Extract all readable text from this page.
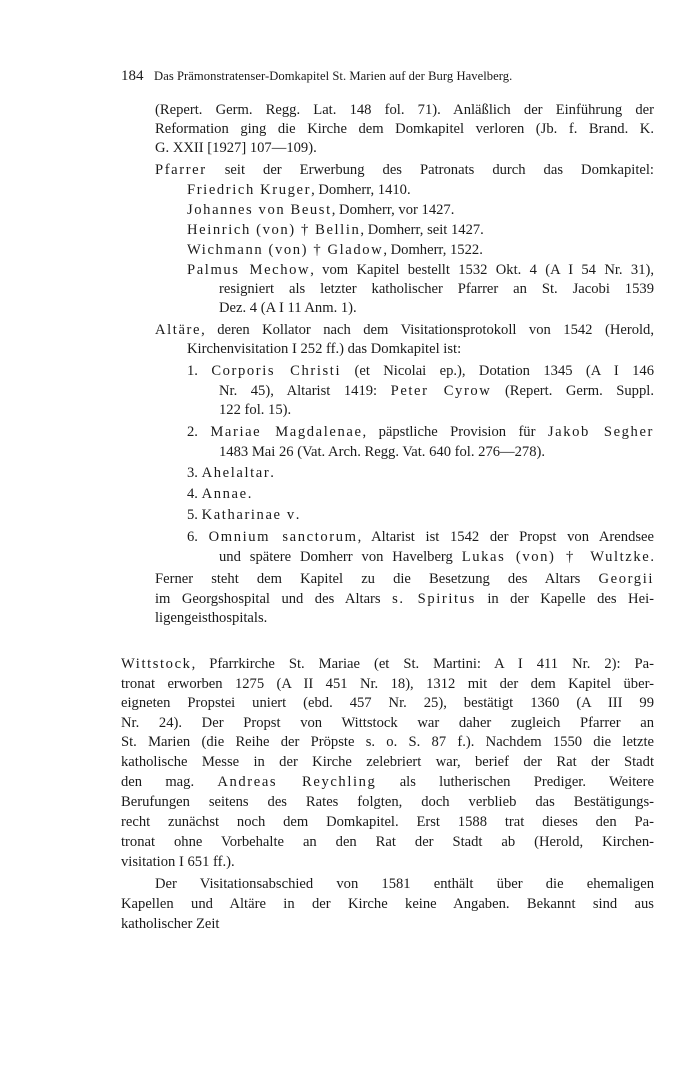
184 Das Prämonstratenser-Domkapitel St. Marien auf der Burg Havelberg.
(Repert. Germ. Regg. Lat. 148 fol. 71). Anläßlich der Einführung der
Reformation ging die Kirche dem Domkapitel verloren (Jb. f. Brand. K.
G. XXII [1927] 107—109).
Pfarrer seit der Erwerbung des Patronats durch das Domkapitel:
Friedrich Kruger, Domherr, 1410.
Johannes von Beust, Domherr, vor 1427.
Heinrich (von) † Bellin, Domherr, seit 1427.
Wichmann (von) † Gladow, Domherr, 1522.
Palmus Mechow, vom Kapitel bestellt 1532 Okt. 4 (A I 54 Nr. 31),
resigniert als letzter katholischer Pfarrer an St. Jacobi 1539
Dez. 4 (A I 11 Anm. 1).
Altäre, deren Kollator nach dem Visitationsprotokoll von 1542 (Herold,
Kirchenvisitation I 252 ff.) das Domkapitel ist:
1. Corporis Christi (et Nicolai ep.), Dotation 1345 (A I 146
Nr. 45), Altarist 1419: Peter Cyrow (Repert. Germ. Suppl.
122 fol. 15).
2. Mariae Magdalenae, päpstliche Provision für Jakob Segher
1483 Mai 26 (Vat. Arch. Regg. Vat. 640 fol. 276—278).
3. Ahelaltar.
4. Annae.
5. Katharinae v.
6. Omnium sanctorum, Altarist ist 1542 der Propst von Arendsee
und spätere Domherr von Havelberg Lukas (von) † Wultzke.
Ferner steht dem Kapitel zu die Besetzung des Altars Georgii
im Georgshospital und des Altars s. Spiritus in der Kapelle des Hei-
ligengeisthospitals.
Wittstock, Pfarrkirche St. Mariae (et St. Martini: A I 411 Nr. 2): Pa-
tronat erworben 1275 (A II 451 Nr. 18), 1312 mit der dem Kapitel über-
eigneten Propstei uniert (ebd. 457 Nr. 25), bestätigt 1360 (A III 99
Nr. 24). Der Propst von Wittstock war daher zugleich Pfarrer an
St. Marien (die Reihe der Pröpste s. o. S. 87 f.). Nachdem 1550 die letzte
katholische Messe in der Kirche zelebriert war, berief der Rat der Stadt
den mag. Andreas Reychling als lutherischen Prediger. Weitere
Berufungen seitens des Rates folgten, doch verblieb das Bestätigungs-
recht zunächst noch dem Domkapitel. Erst 1588 trat dieses den Pa-
tronat ohne Vorbehalte an den Rat der Stadt ab (Herold, Kirchen-
visitation I 651 ff.).
Der Visitationsabschied von 1581 enthält über die ehemaligen
Kapellen und Altäre in der Kirche keine Angaben. Bekannt sind aus
katholischer Zeit
